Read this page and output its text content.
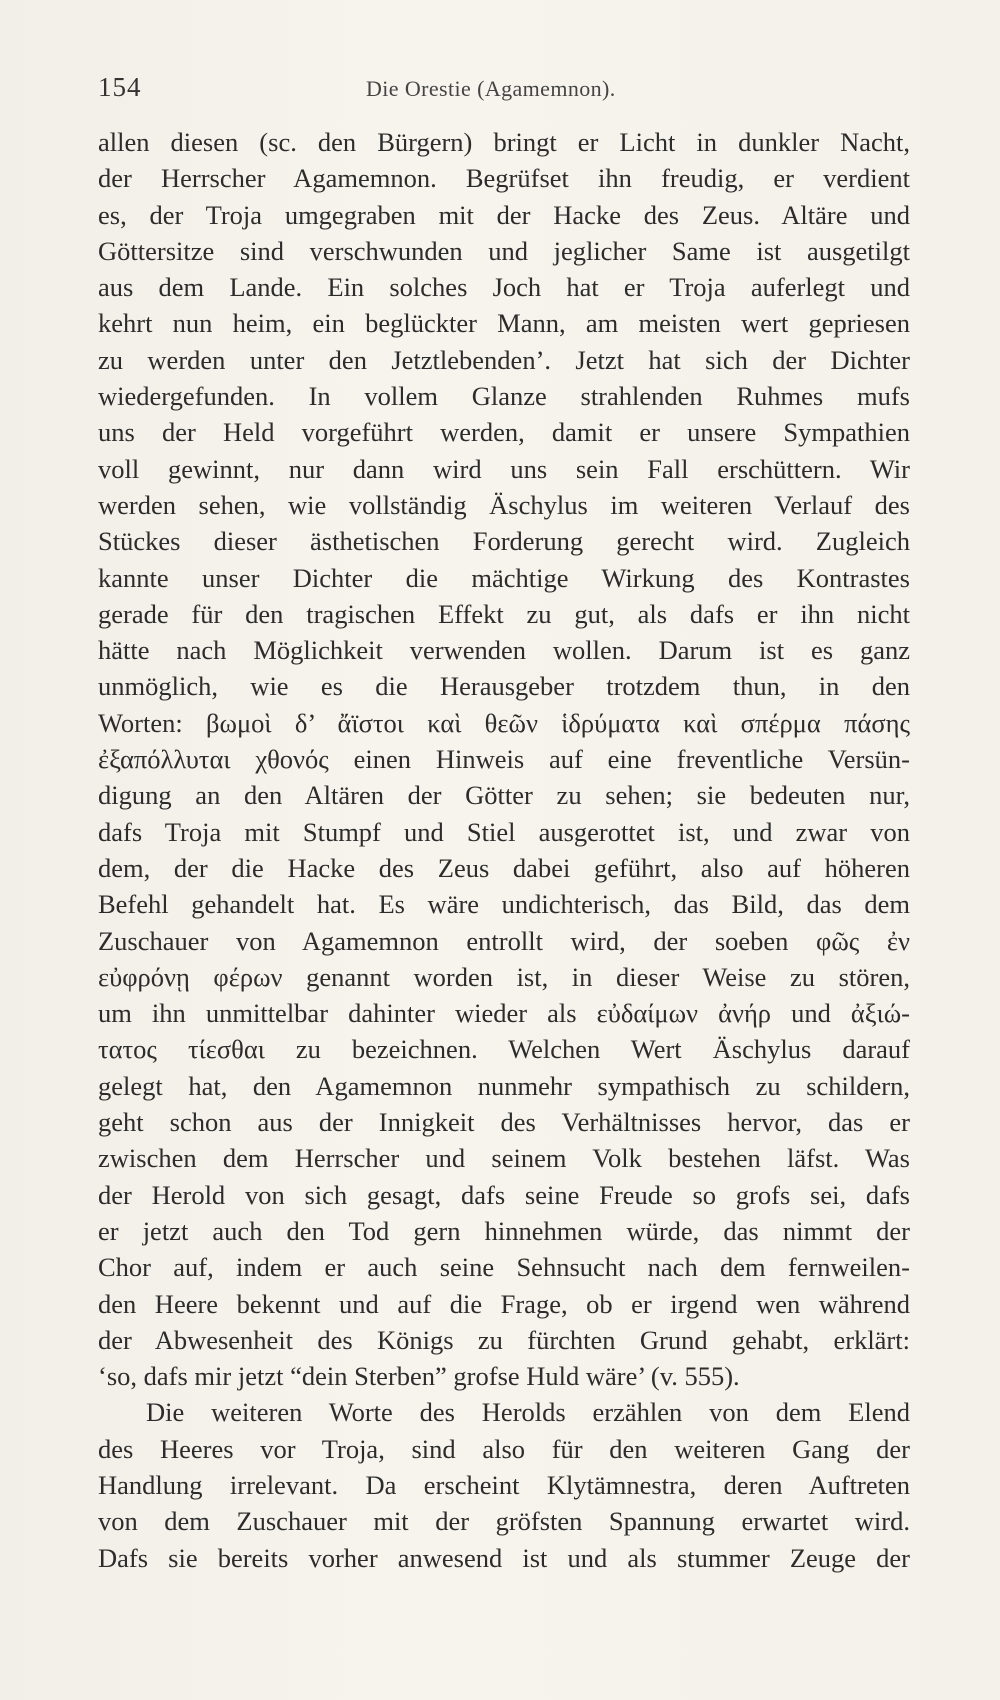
154	Die Orestie (Agamemnon).
allen diesen (sc. den Bürgern) bringt er Licht in dunkler Nacht,
der Herrscher Agamemnon. Begrüfset ihn freudig, er verdient
es, der Troja umgegraben mit der Hacke des Zeus. Altäre und
Göttersitze sind verschwunden und jeglicher Same ist ausgetilgt
aus dem Lande. Ein solches Joch hat er Troja auferlegt und
kehrt nun heim, ein beglückter Mann, am meisten wert gepriesen
zu werden unter den Jetztlebenden’. Jetzt hat sich der Dichter
wiedergefunden. In vollem Glanze strahlenden Ruhmes mufs
uns der Held vorgeführt werden, damit er unsere Sympathien
voll gewinnt, nur dann wird uns sein Fall erschüttern. Wir
werden sehen, wie vollständig Äschylus im weiteren Verlauf des
Stückes dieser ästhetischen Forderung gerecht wird. Zugleich
kannte unser Dichter die mächtige Wirkung des Kontrastes
gerade für den tragischen Effekt zu gut, als dafs er ihn nicht
hätte nach Möglichkeit verwenden wollen. Darum ist es ganz
unmöglich, wie es die Herausgeber trotzdem thun, in den
Worten: βωμοὶ δ’ ἄϊστοι καὶ θεῶν ἱδρύματα καὶ σπέρμα πάσης
ἐξαπόλλυται χθονός einen Hinweis auf eine freventliche Versün-
digung an den Altären der Götter zu sehen; sie bedeuten nur,
dafs Troja mit Stumpf und Stiel ausgerottet ist, und zwar von
dem, der die Hacke des Zeus dabei geführt, also auf höheren
Befehl gehandelt hat. Es wäre undichterisch, das Bild, das dem
Zuschauer von Agamemnon entrollt wird, der soeben φῶς ἐν
εὐφρόνῃ φέρων genannt worden ist, in dieser Weise zu stören,
um ihn unmittelbar dahinter wieder als εὐδαίμων ἀνήρ und ἀξιώ-
τατος τίεσθαι zu bezeichnen. Welchen Wert Äschylus darauf
gelegt hat, den Agamemnon nunmehr sympathisch zu schildern,
geht schon aus der Innigkeit des Verhältnisses hervor, das er
zwischen dem Herrscher und seinem Volk bestehen läfst. Was
der Herold von sich gesagt, dafs seine Freude so grofs sei, dafs
er jetzt auch den Tod gern hinnehmen würde, das nimmt der
Chor auf, indem er auch seine Sehnsucht nach dem fernweilen-
den Heere bekennt und auf die Frage, ob er irgend wen während
der Abwesenheit des Königs zu fürchten Grund gehabt, erklärt:
‘so, dafs mir jetzt “dein Sterben” grofse Huld wäre’ (v. 555).
Die weiteren Worte des Herolds erzählen von dem Elend
des Heeres vor Troja, sind also für den weiteren Gang der
Handlung irrelevant. Da erscheint Klytämnestra, deren Auftreten
von dem Zuschauer mit der gröfsten Spannung erwartet wird.
Dafs sie bereits vorher anwesend ist und als stummer Zeuge der
